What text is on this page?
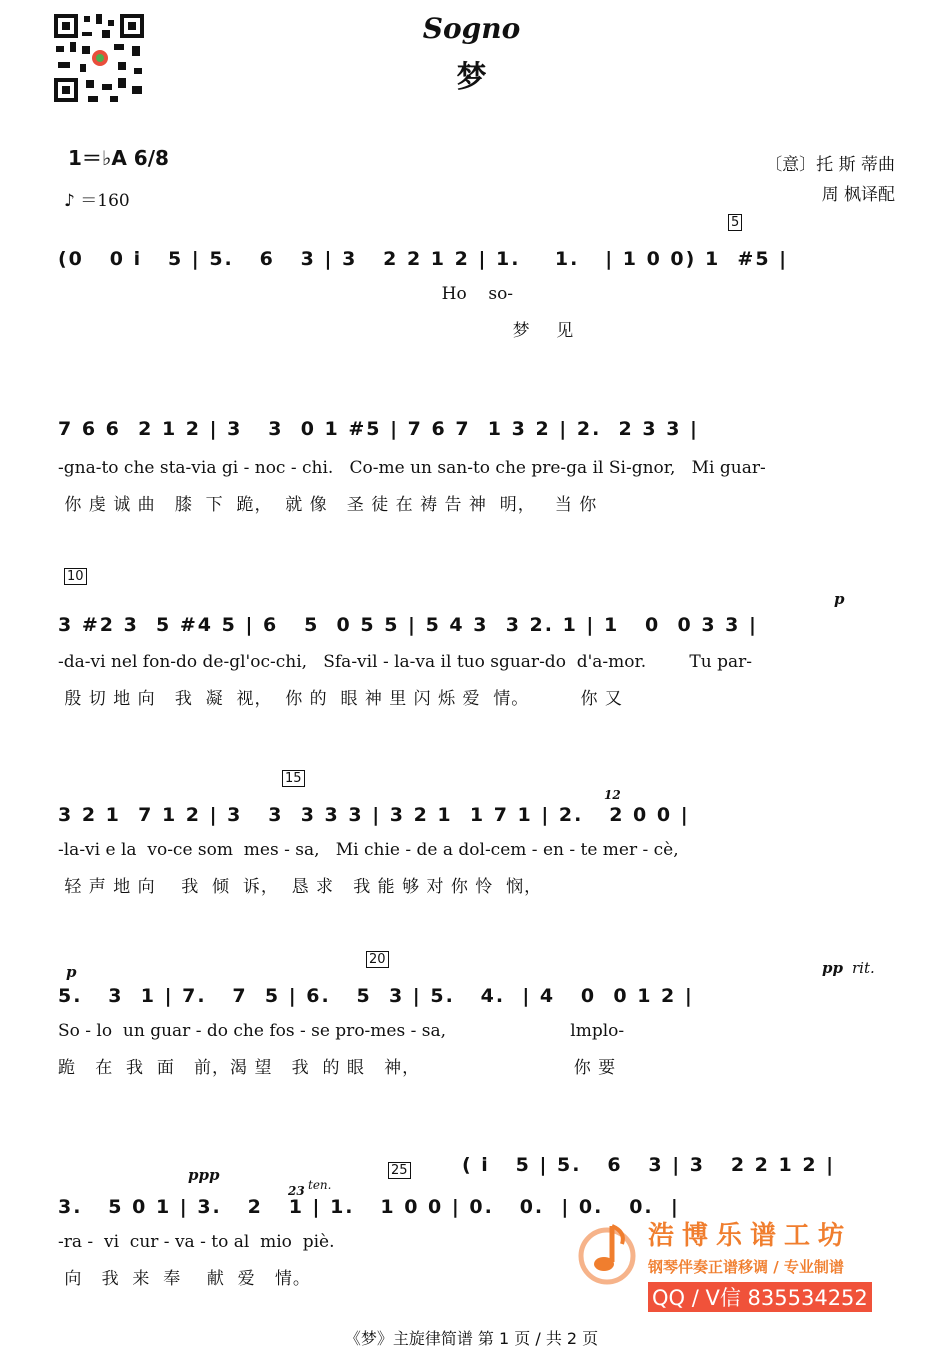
Sogno
梦
1＝♭A 6/8
♪ ＝160
〔意〕托 斯 蒂曲
周 枫译配
5
(0   0 i   5 | 5.   6   3 | 3   2 2 1 2 | 1.    1.   | 1 0 0) 1  #5 |
Ho    so-
梦    见
7 6 6  2 1 2 | 3   3  0 1 #5 | 7 6 7  1 3 2 | 2.  2 3 3 |
-gna-to che sta-via gi - noc - chi.   Co-me un san-to che pre-ga il Si-gnor,   Mi guar-
你 虔 诚 曲   膝  下  跪，  就 像   圣 徒 在 祷 告 神  明，   当 你
10
p
3 #2 3  5 #4 5 | 6   5  0 5 5 | 5 4 3  3 2. 1 | 1   0  0 3 3 |
-da-vi nel fon-do de-gl'oc-chi,   Sfa-vil - la-va il tuo sguar-do  d'a-mor.        Tu par-
殷 切 地 向   我  凝  视，  你 的  眼 神 里 闪 烁 爱  情。        你 又
15
12
3 2 1  7 1 2 | 3   3  3 3 3 | 3 2 1  1 7 1 | 2.   2 0 0 |
-la-vi e la  vo-ce som  mes - sa,   Mi chie - de a dol-cem - en - te mer - cè,
轻 声 地 向    我  倾  诉，  恳 求   我 能 够 对 你 怜  悯，
20
p	pp rit.
5.   3  1 | 7.   7  5 | 6.   5  3 | 5.   4.  | 4   0  0 1 2 |
So - lo  un guar - do che fos - se pro-mes - sa,                       lmplo-
跪   在  我  面   前，渴 望   我  的 眼   神，                        你 要
25
ppp
ten.
23
( i   5 | 5.   6   3 | 3   2 2 1 2 |
3.   5 0 1 | 3.   2   1 | 1.   1 0 0 | 0.   0.  | 0.   0.  |
-ra -  vi  cur - va - to al  mio  piè.
向   我  来  奉    献  爱   情。
浩博乐谱工坊
钢琴伴奏正谱移调 / 专业制谱
QQ / V信 835534252
《梦》主旋律简谱 第 1 页 / 共 2 页
